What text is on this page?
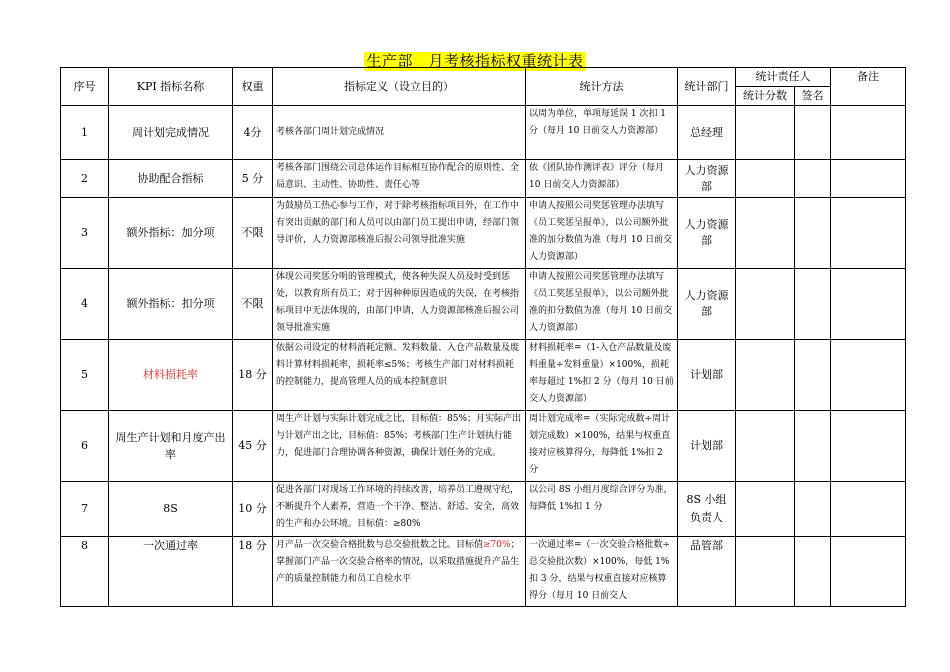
生产部　月考核指标权重统计表
序号	KPI 指标名称	权重	指标定义（设立目的）	统计方法	统计部门	统计责任人		备注
						统计分数	签名	
1	周计划完成情况	4分	考核各部门周计划完成情况	以周为单位，单项每延误 1 次扣 1 分（每月 10 日前交人力资源部）	总经理			
2	协助配合指标	5 分	考核各部门围绕公司总体运作目标相互协作配合的原则性、全局意识、主动性、协助性、责任心等	依《团队协作测评表》评分（每月 10 日前交人力资源部）	人力资源部			
3	额外指标：加分项	不限	为鼓励员工热心参与工作，对于除考核指标项目外，在工作中有突出贡献的部门和人员可以由部门员工提出申请，经部门领导评价，人力资源部核准后报公司领导批准实施	申请人按照公司奖惩管理办法填写《员工奖惩呈报单》，以公司额外批准的加分数值为准（每月 10 日前交人力资源部）	人力资源部			
4	额外指标：扣分项	不限	体现公司奖惩分明的管理模式，使各种失误人员及时受到惩处，以教育所有员工；对于因种种原因造成的失误，在考核指标项目中无法体现的，由部门申请，人力资源部核准后报公司领导批准实施	申请人按照公司奖惩管理办法填写《员工奖惩呈报单》，以公司额外批准的扣分数值为准（每月 10 日前交人力资源部）	人力资源部			
5	材料损耗率	18 分	依据公司设定的材料消耗定额、发料数量、入仓产品数量及废料计算材料损耗率，损耗率≤5%；考核生产部门对材料损耗的控制能力，提高管理人员的成本控制意识	材料损耗率=（1-入仓产品数量及废料重量÷发料重量）×100%，损耗率每超过 1%扣 2 分（每月 10 日前交人力资源部）	计划部			
6	周生产计划和月度产出率	45 分	周生产计划与实际计划完成之比，目标值：85%；月实际产出与计划产出之比，目标值：85%；考核部门生产计划执行能力，促进部门合理协调各种资源，确保计划任务的完成。	周计划完成率=（实际完成数÷周计划完成数）×100%，结果与权重直接对应核算得分，每降低 1%扣 2 分	计划部			
7	8S	10 分	促进各部门对现场工作环境的持续改善，培养员工遵规守纪，不断提升个人素养，营造一个干净、整洁、舒适、安全，高效的生产和办公环境。目标值：≥80%	以公司 8S 小组月度综合评分为准，每降低 1%扣 1 分	8S 小组负责人			
8	一次通过率	18 分	月产品一次交验合格批数与总交验批数之比。目标值≥70%；掌握部门产品一次交验合格率的情况，以采取措施提升产品生产的质量控制能力和员工自检水平	一次通过率=（一次交验合格批数÷总交验批次数）×100%，每低 1%扣 3 分，结果与权重直接对应核算得分（每月 10 日前交人	品管部			
